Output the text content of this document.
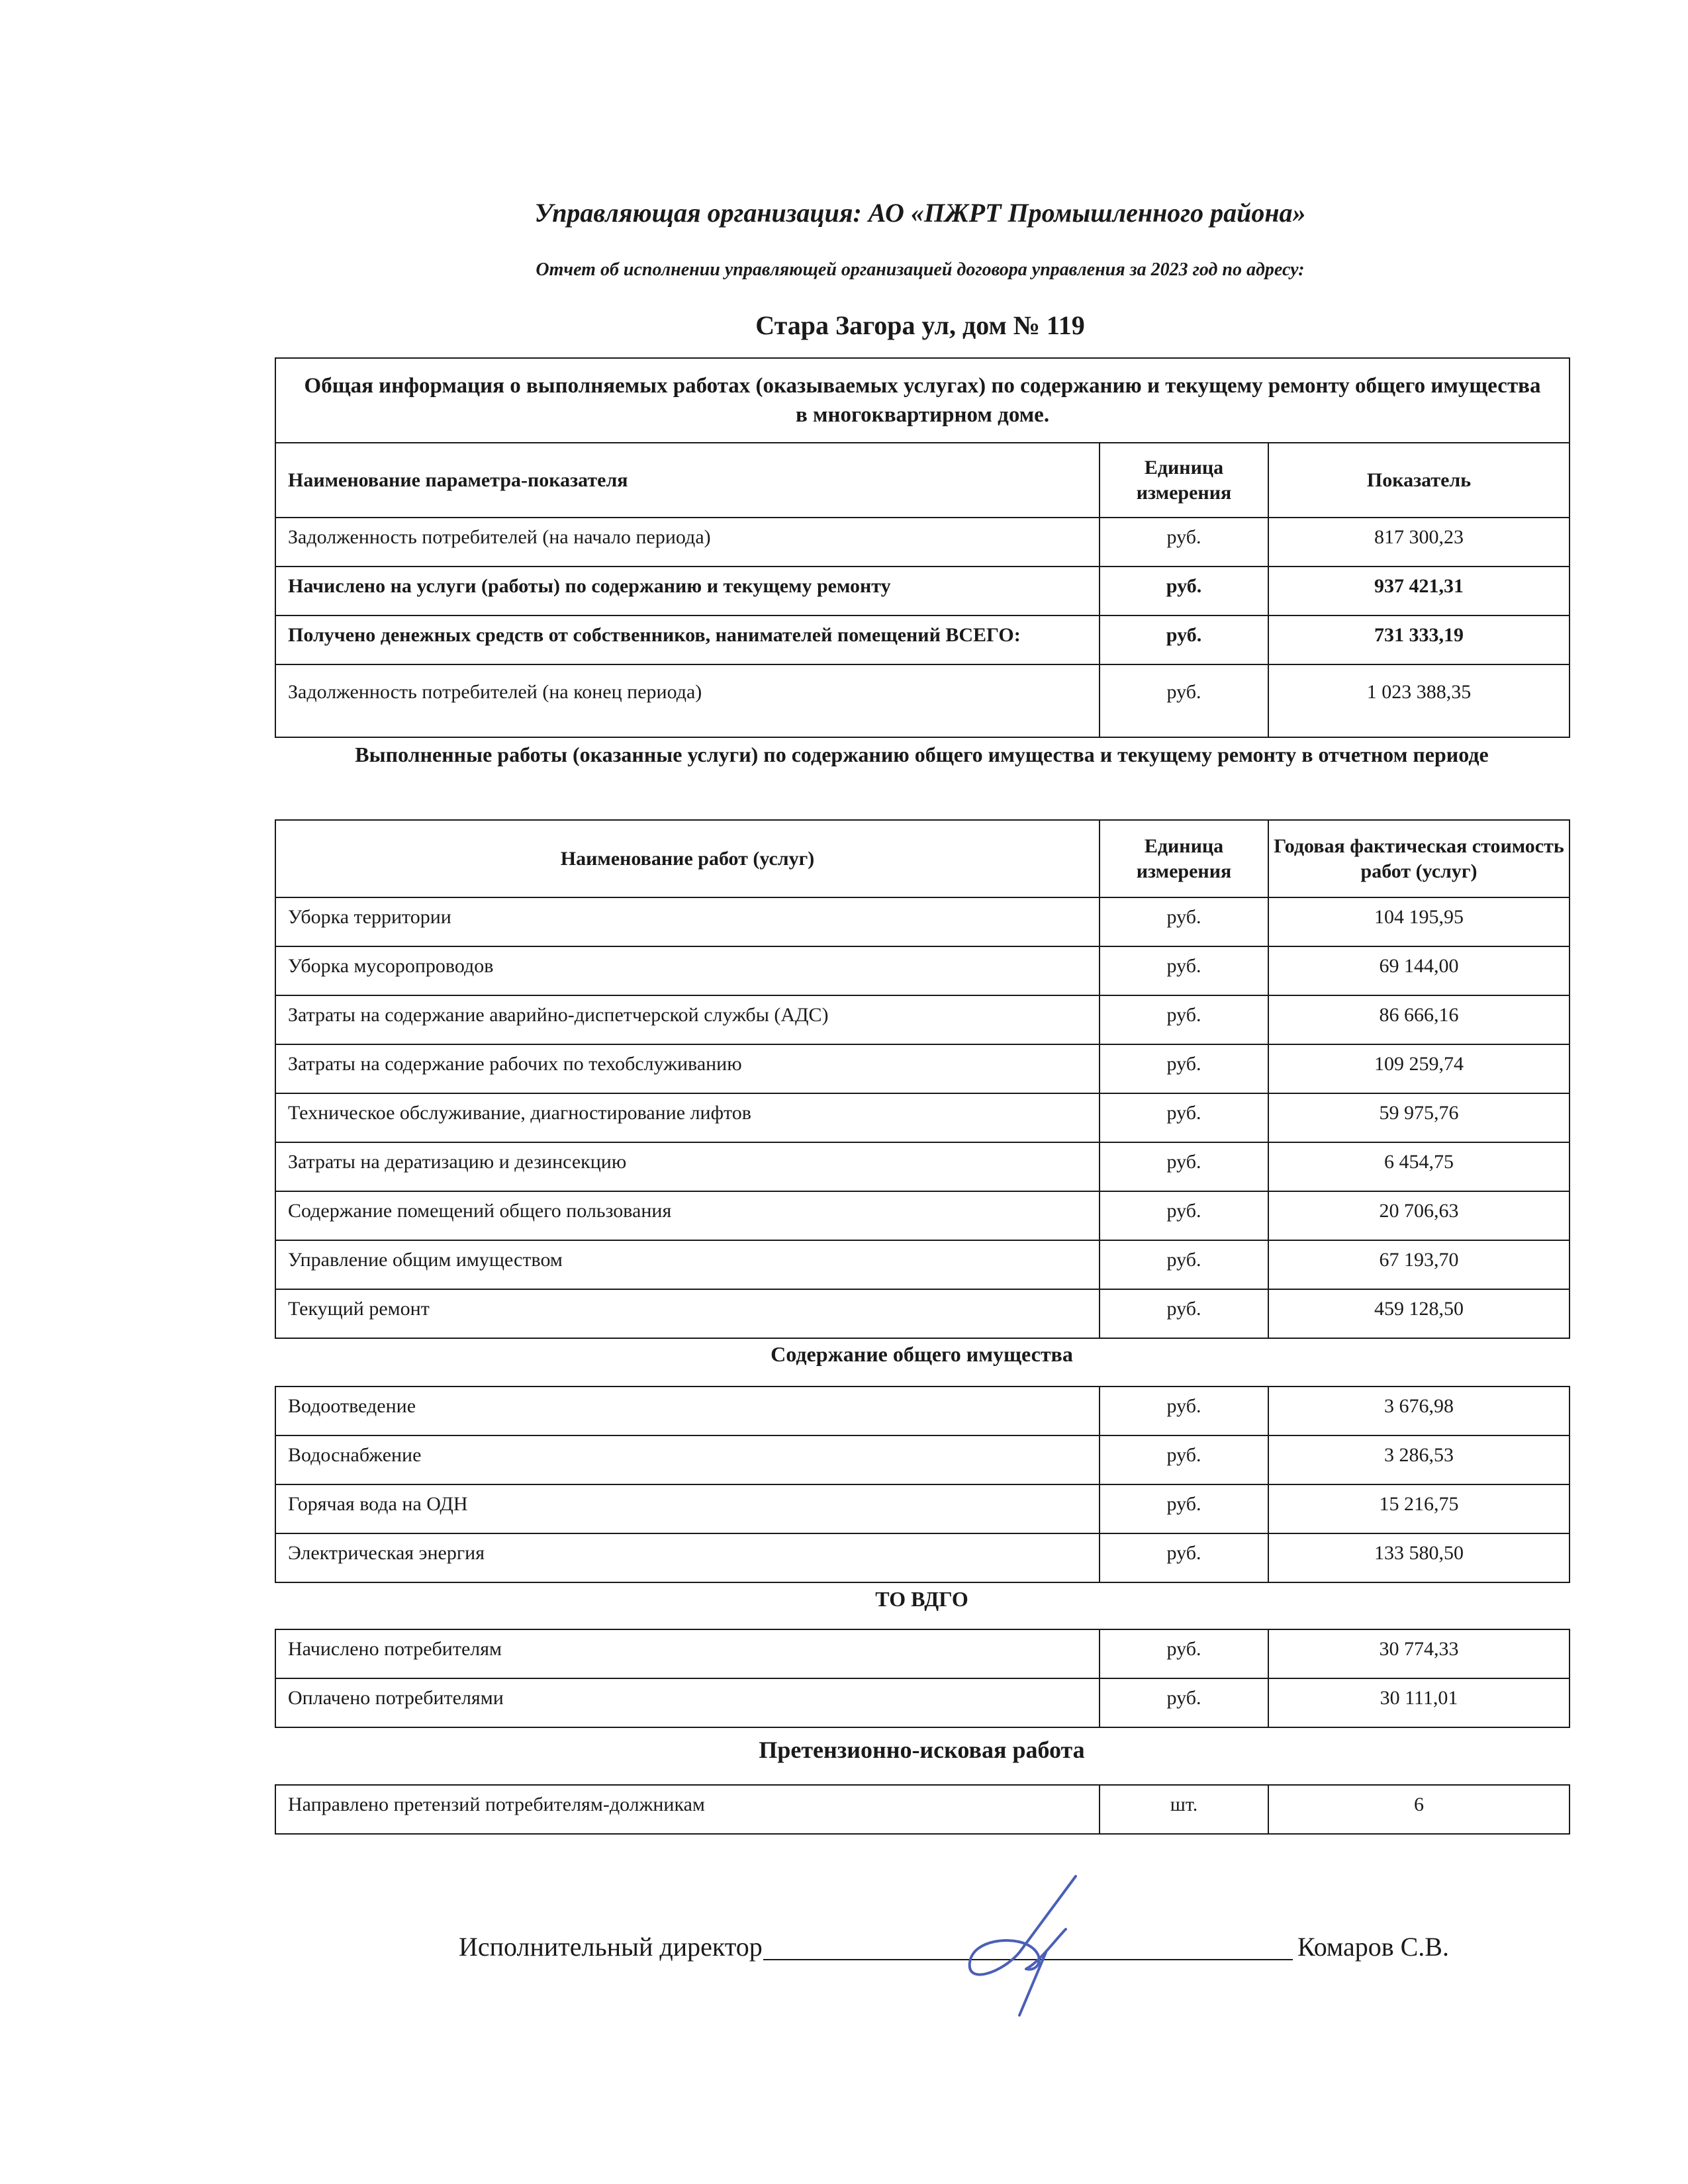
Управляющая организация: АО «ПЖРТ Промышленного района»
Отчет об исполнении управляющей организацией договора управления за 2023 год по адресу:
Стара Загора ул, дом № 119
Общая информация о выполняемых работах (оказываемых услугах) по содержанию и текущему ремонту общего имущества в многоквартирном доме.		
Наименование параметра-показателя	Единица измерения	Показатель
Задолженность потребителей (на начало периода)	руб.	817 300,23
Начислено на услуги (работы) по содержанию и текущему ремонту	руб.	937 421,31
Получено денежных средств от собственников, нанимателей помещений ВСЕГО:	руб.	731 333,19
Задолженность потребителей (на конец периода)	руб.	1 023 388,35
Выполненные работы (оказанные услуги) по содержанию общего имущества и текущему ремонту в отчетном периоде
Наименование работ (услуг)	Единица измерения	Годовая фактическая стоимость работ (услуг)
Уборка территории	руб.	104 195,95
Уборка мусоропроводов	руб.	69 144,00
Затраты на содержание аварийно-диспетчерской службы (АДС)	руб.	86 666,16
Затраты на содержание рабочих по техобслуживанию	руб.	109 259,74
Техническое обслуживание, диагностирование лифтов	руб.	59 975,76
Затраты на дератизацию и дезинсекцию	руб.	6 454,75
Содержание помещений общего пользования	руб.	20 706,63
Управление общим имуществом	руб.	67 193,70
Текущий ремонт	руб.	459 128,50
Содержание общего имущества
Водоотведение	руб.	3 676,98
Водоснабжение	руб.	3 286,53
Горячая вода на ОДН	руб.	15 216,75
Электрическая энергия	руб.	133 580,50
ТО ВДГО
Начислено потребителям	руб.	30 774,33
Оплачено потребителями	руб.	30 111,01
Претензионно-исковая работа
Направлено претензий потребителям-должникам	шт.	6
Исполнительный директор	Комаров С.В.
